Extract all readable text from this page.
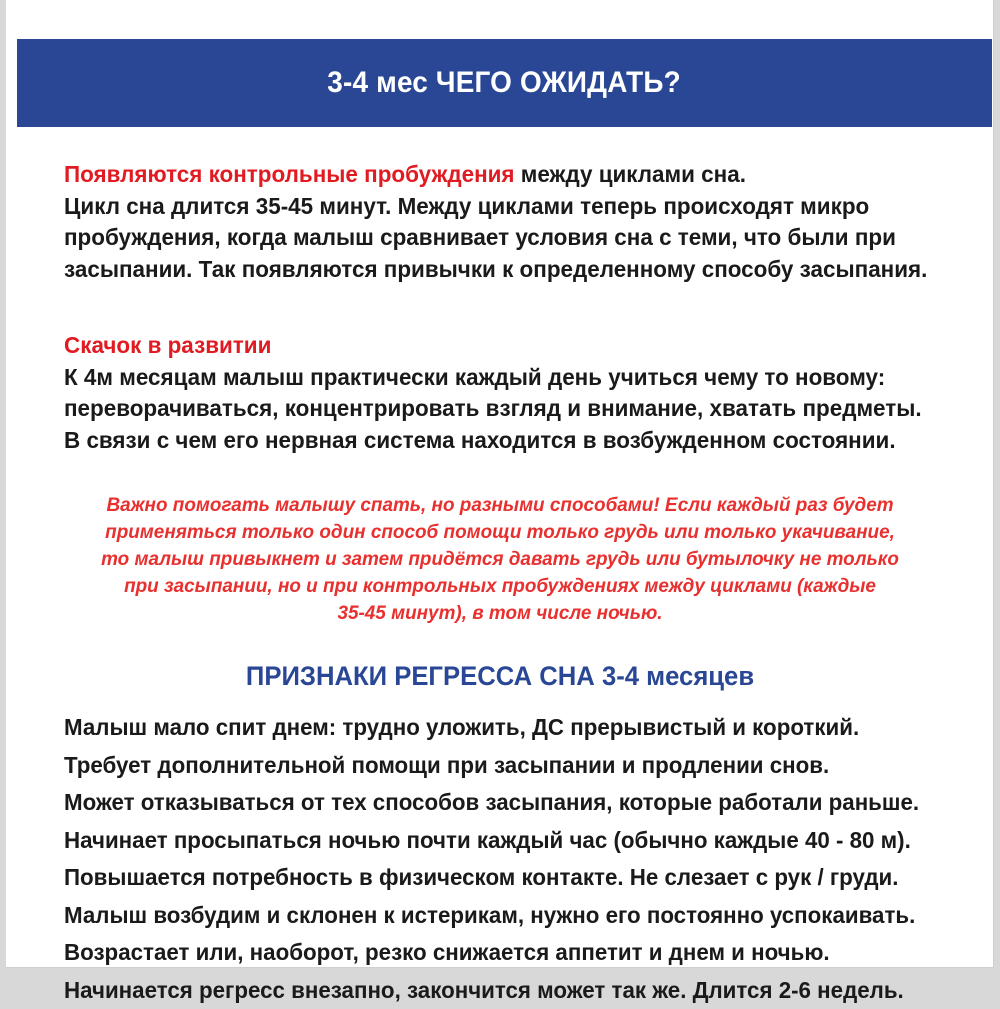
3-4 мес ЧЕГО ОЖИДАТЬ?
Появляются контрольные пробуждения между циклами сна.
Цикл сна длится 35-45 минут. Между циклами теперь происходят микро
пробуждения, когда малыш сравнивает условия сна с теми, что были при
засыпании. Так появляются привычки к определенному способу засыпания.
Скачок в развитии
К 4м месяцам малыш практически каждый день учиться чему то новому:
переворачиваться, концентрировать взгляд и внимание, хватать предметы.
В связи с чем его нервная система находится в возбужденном состоянии.
Важно помогать малышу спать, но разными способами! Если каждый раз будет
применяться только один способ помощи только грудь или только укачивание,
то малыш привыкнет и затем придётся давать грудь или бутылочку не только
при засыпании, но и при контрольных пробуждениях между циклами (каждые
35-45 минут), в том числе ночью.
ПРИЗНАКИ РЕГРЕССА СНА 3-4 месяцев
Малыш мало спит днем: трудно уложить, ДС прерывистый и короткий.
Требует дополнительной помощи при засыпании и продлении снов.
Может отказываться от тех способов засыпания, которые работали раньше.
Начинает просыпаться ночью почти каждый час (обычно каждые 40 - 80 м).
Повышается потребность в физическом контакте. Не слезает с рук / груди.
Малыш возбудим и склонен к истерикам, нужно его постоянно успокаивать.
Возрастает или, наоборот, резко снижается аппетит и днем и ночью.
Начинается регресс внезапно, закончится может так же. Длится 2-6 недель.
